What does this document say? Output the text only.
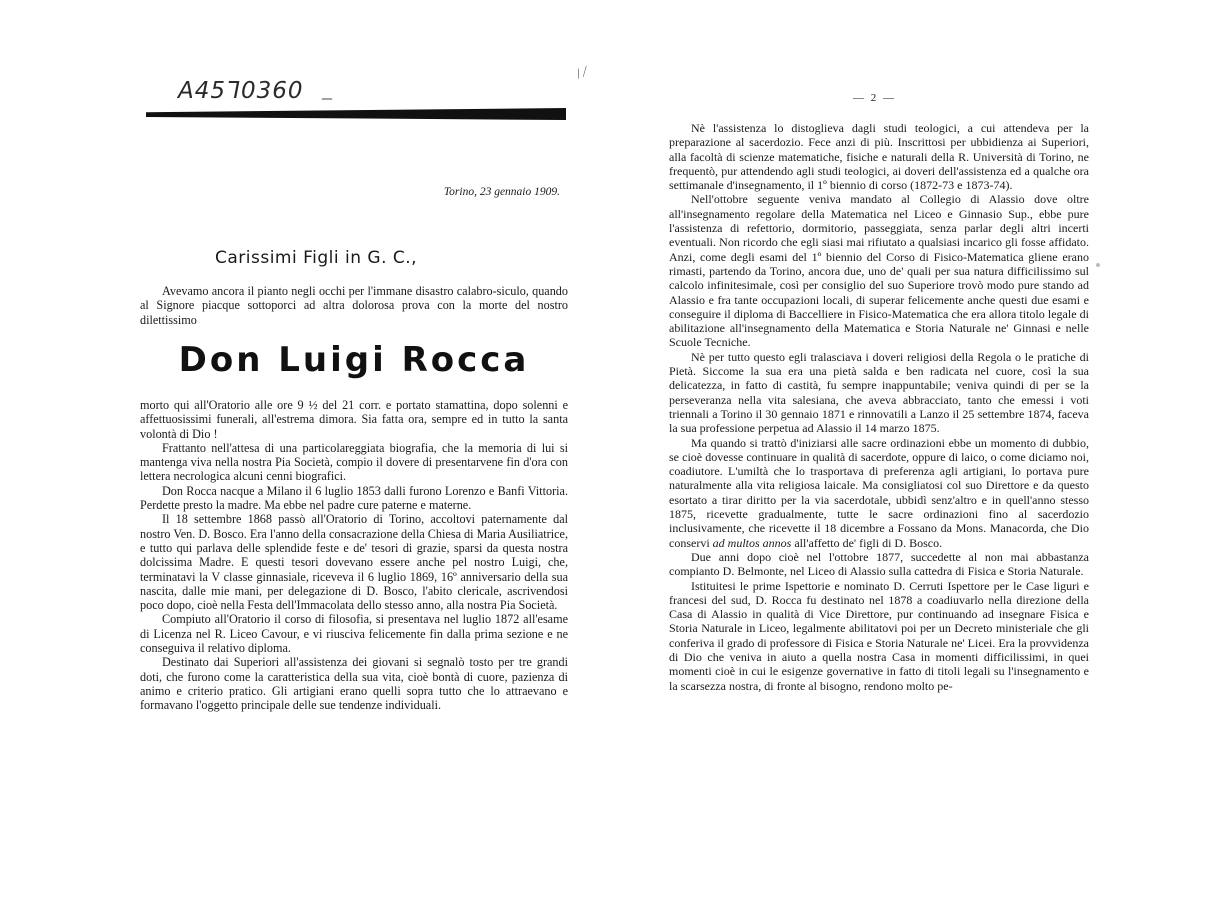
A45ᒣ0360 _
/ ⁄
Torino, 23 gennaio 1909.
Carissimi Figli in G. C.,

Avevamo ancora il pianto negli occhi per l'immane disastro calabro-siculo, quando al Signore piacque sottoporci ad altra dolorosa prova con la morte del nostro dilettissimo

Don Luigi Rocca

morto qui all'Oratorio alle ore 9 ½ del 21 corr. e portato stamattina, dopo solenni e affettuosissimi funerali, all'estrema dimora. Sia fatta ora, sempre ed in tutto la santa volontà di Dio !

Frattanto nell'attesa di una particolareggiata biografia, che la memoria di lui si mantenga viva nella nostra Pia Società, compio il dovere di presentarvene fin d'ora con lettera necrologica alcuni cenni biografici.

Don Rocca nacque a Milano il 6 luglio 1853 dalli furono Lorenzo e Banfi Vittoria. Perdette presto la madre. Ma ebbe nel padre cure paterne e materne.

Il 18 settembre 1868 passò all'Oratorio di Torino, accoltovi paternamente dal nostro Ven. D. Bosco. Era l'anno della consacrazione della Chiesa di Maria Ausiliatrice, e tutto qui parlava delle splendide feste e de' tesori di grazie, sparsi da questa nostra dolcissima Madre. E questi tesori dovevano essere anche pel nostro Luigi, che, terminatavi la V classe ginnasiale, riceveva il 6 luglio 1869, 16º anniversario della sua nascita, dalle mie mani, per delegazione di D. Bosco, l'abito clericale, ascrivendosi poco dopo, cioè nella Festa dell'Immacolata dello stesso anno, alla nostra Pia Società.

Compiuto all'Oratorio il corso di filosofia, si presentava nel luglio 1872 all'esame di Licenza nel R. Liceo Cavour, e vi riusciva felicemente fin dalla prima sezione e ne conseguiva il relativo diploma.

Destinato dai Superiori all'assistenza dei giovani si segnalò tosto per tre grandi doti, che furono come la caratteristica della sua vita, cioè bontà di cuore, pazienza di animo e criterio pratico. Gli artigiani erano quelli sopra tutto che lo attraevano e formavano l'oggetto principale delle sue tendenze individuali.

— 2 —

Nè l'assistenza lo distoglieva dagli studi teologici, a cui attendeva per la preparazione al sacerdozio. Fece anzi di più. Inscrittosi per ubbidienza ai Superiori, alla facoltà di scienze matematiche, fisiche e naturali della R. Università di Torino, ne frequentò, pur attendendo agli studi teologici, ai doveri dell'assistenza ed a qualche ora settimanale d'insegnamento, il 1º biennio di corso (1872-73 e 1873-74).

Nell'ottobre seguente veniva mandato al Collegio di Alassio dove oltre all'insegnamento regolare della Matematica nel Liceo e Ginnasio Sup., ebbe pure l'assistenza di refettorio, dormitorio, passeggiata, senza parlar degli altri incerti eventuali. Non ricordo che egli siasi mai rifiutato a qualsiasi incarico gli fosse affidato. Anzi, come degli esami del 1º biennio del Corso di Fisico-Matematica gliene erano rimasti, partendo da Torino, ancora due, uno de' quali per sua natura difficilissimo sul calcolo infinitesimale, così per consiglio del suo Superiore trovò modo pure stando ad Alassio e fra tante occupazioni locali, di superar felicemente anche questi due esami e conseguire il diploma di Baccelliere in Fisico-Matematica che era allora titolo legale di abilitazione all'insegnamento della Matematica e Storia Naturale ne' Ginnasi e nelle Scuole Tecniche.

Nè per tutto questo egli tralasciava i doveri religiosi della Regola o le pratiche di Pietà. Siccome la sua era una pietà salda e ben radicata nel cuore, così la sua delicatezza, in fatto di castità, fu sempre inappuntabile; veniva quindi di per se la perseveranza nella vita salesiana, che aveva abbracciato, tanto che emessi i voti triennali a Torino il 30 gennaio 1871 e rinnovatili a Lanzo il 25 settembre 1874, faceva la sua professione perpetua ad Alassio il 14 marzo 1875.

Ma quando si trattò d'iniziarsi alle sacre ordinazioni ebbe un momento di dubbio, se cioè dovesse continuare in qualità di sacerdote, oppure di laico, o come diciamo noi, coadiutore. L'umiltà che lo trasportava di preferenza agli artigiani, lo portava pure naturalmente alla vita religiosa laicale. Ma consigliatosi col suo Direttore e da questo esortato a tirar diritto per la via sacerdotale, ubbidì senz'altro e in quell'anno stesso 1875, ricevette gradualmente, tutte le sacre ordinazioni fino al sacerdozio inclusivamente, che ricevette il 18 dicembre a Fossano da Mons. Manacorda, che Dio conservi ad multos annos all'affetto de' figli di D. Bosco.

Due anni dopo cioè nel l'ottobre 1877, succedette al non mai abbastanza compianto D. Belmonte, nel Liceo di Alassio sulla cattedra di Fisica e Storia Naturale.

Istituitesi le prime Ispettorie e nominato D. Cerruti Ispettore per le Case liguri e francesi del sud, D. Rocca fu destinato nel 1878 a coadiuvarlo nella direzione della Casa di Alassio in qualità di Vice Direttore, pur continuando ad insegnare Fisica e Storia Naturale in Liceo, legalmente abilitatovi poi per un Decreto ministeriale che gli conferiva il grado di professore di Fisica e Storia Naturale ne' Licei. Era la provvidenza di Dio che veniva in aiuto a quella nostra Casa in momenti difficilissimi, in quei momenti cioè in cui le esigenze governative in fatto di titoli legali su l'insegnamento e la scarsezza nostra, di fronte al bisogno, rendono molto pe-
